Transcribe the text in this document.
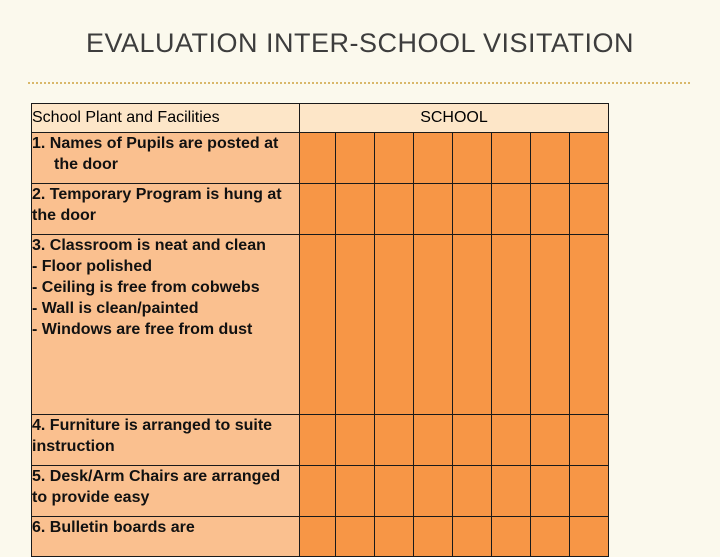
EVALUATION INTER-SCHOOL VISITATION
School Plant and Facilities	SCHOOL							

1. Names of Pupils are posted at the door								

2. Temporary Program is hung at the door								

3. Classroom is neat and clean
- Floor polished
- Ceiling is free from cobwebs
- Wall is clean/painted
- Windows are free from dust								

4. Furniture is arranged to suite instruction								

5. Desk/Arm Chairs are arranged to provide easy								

6. Bulletin boards are								
